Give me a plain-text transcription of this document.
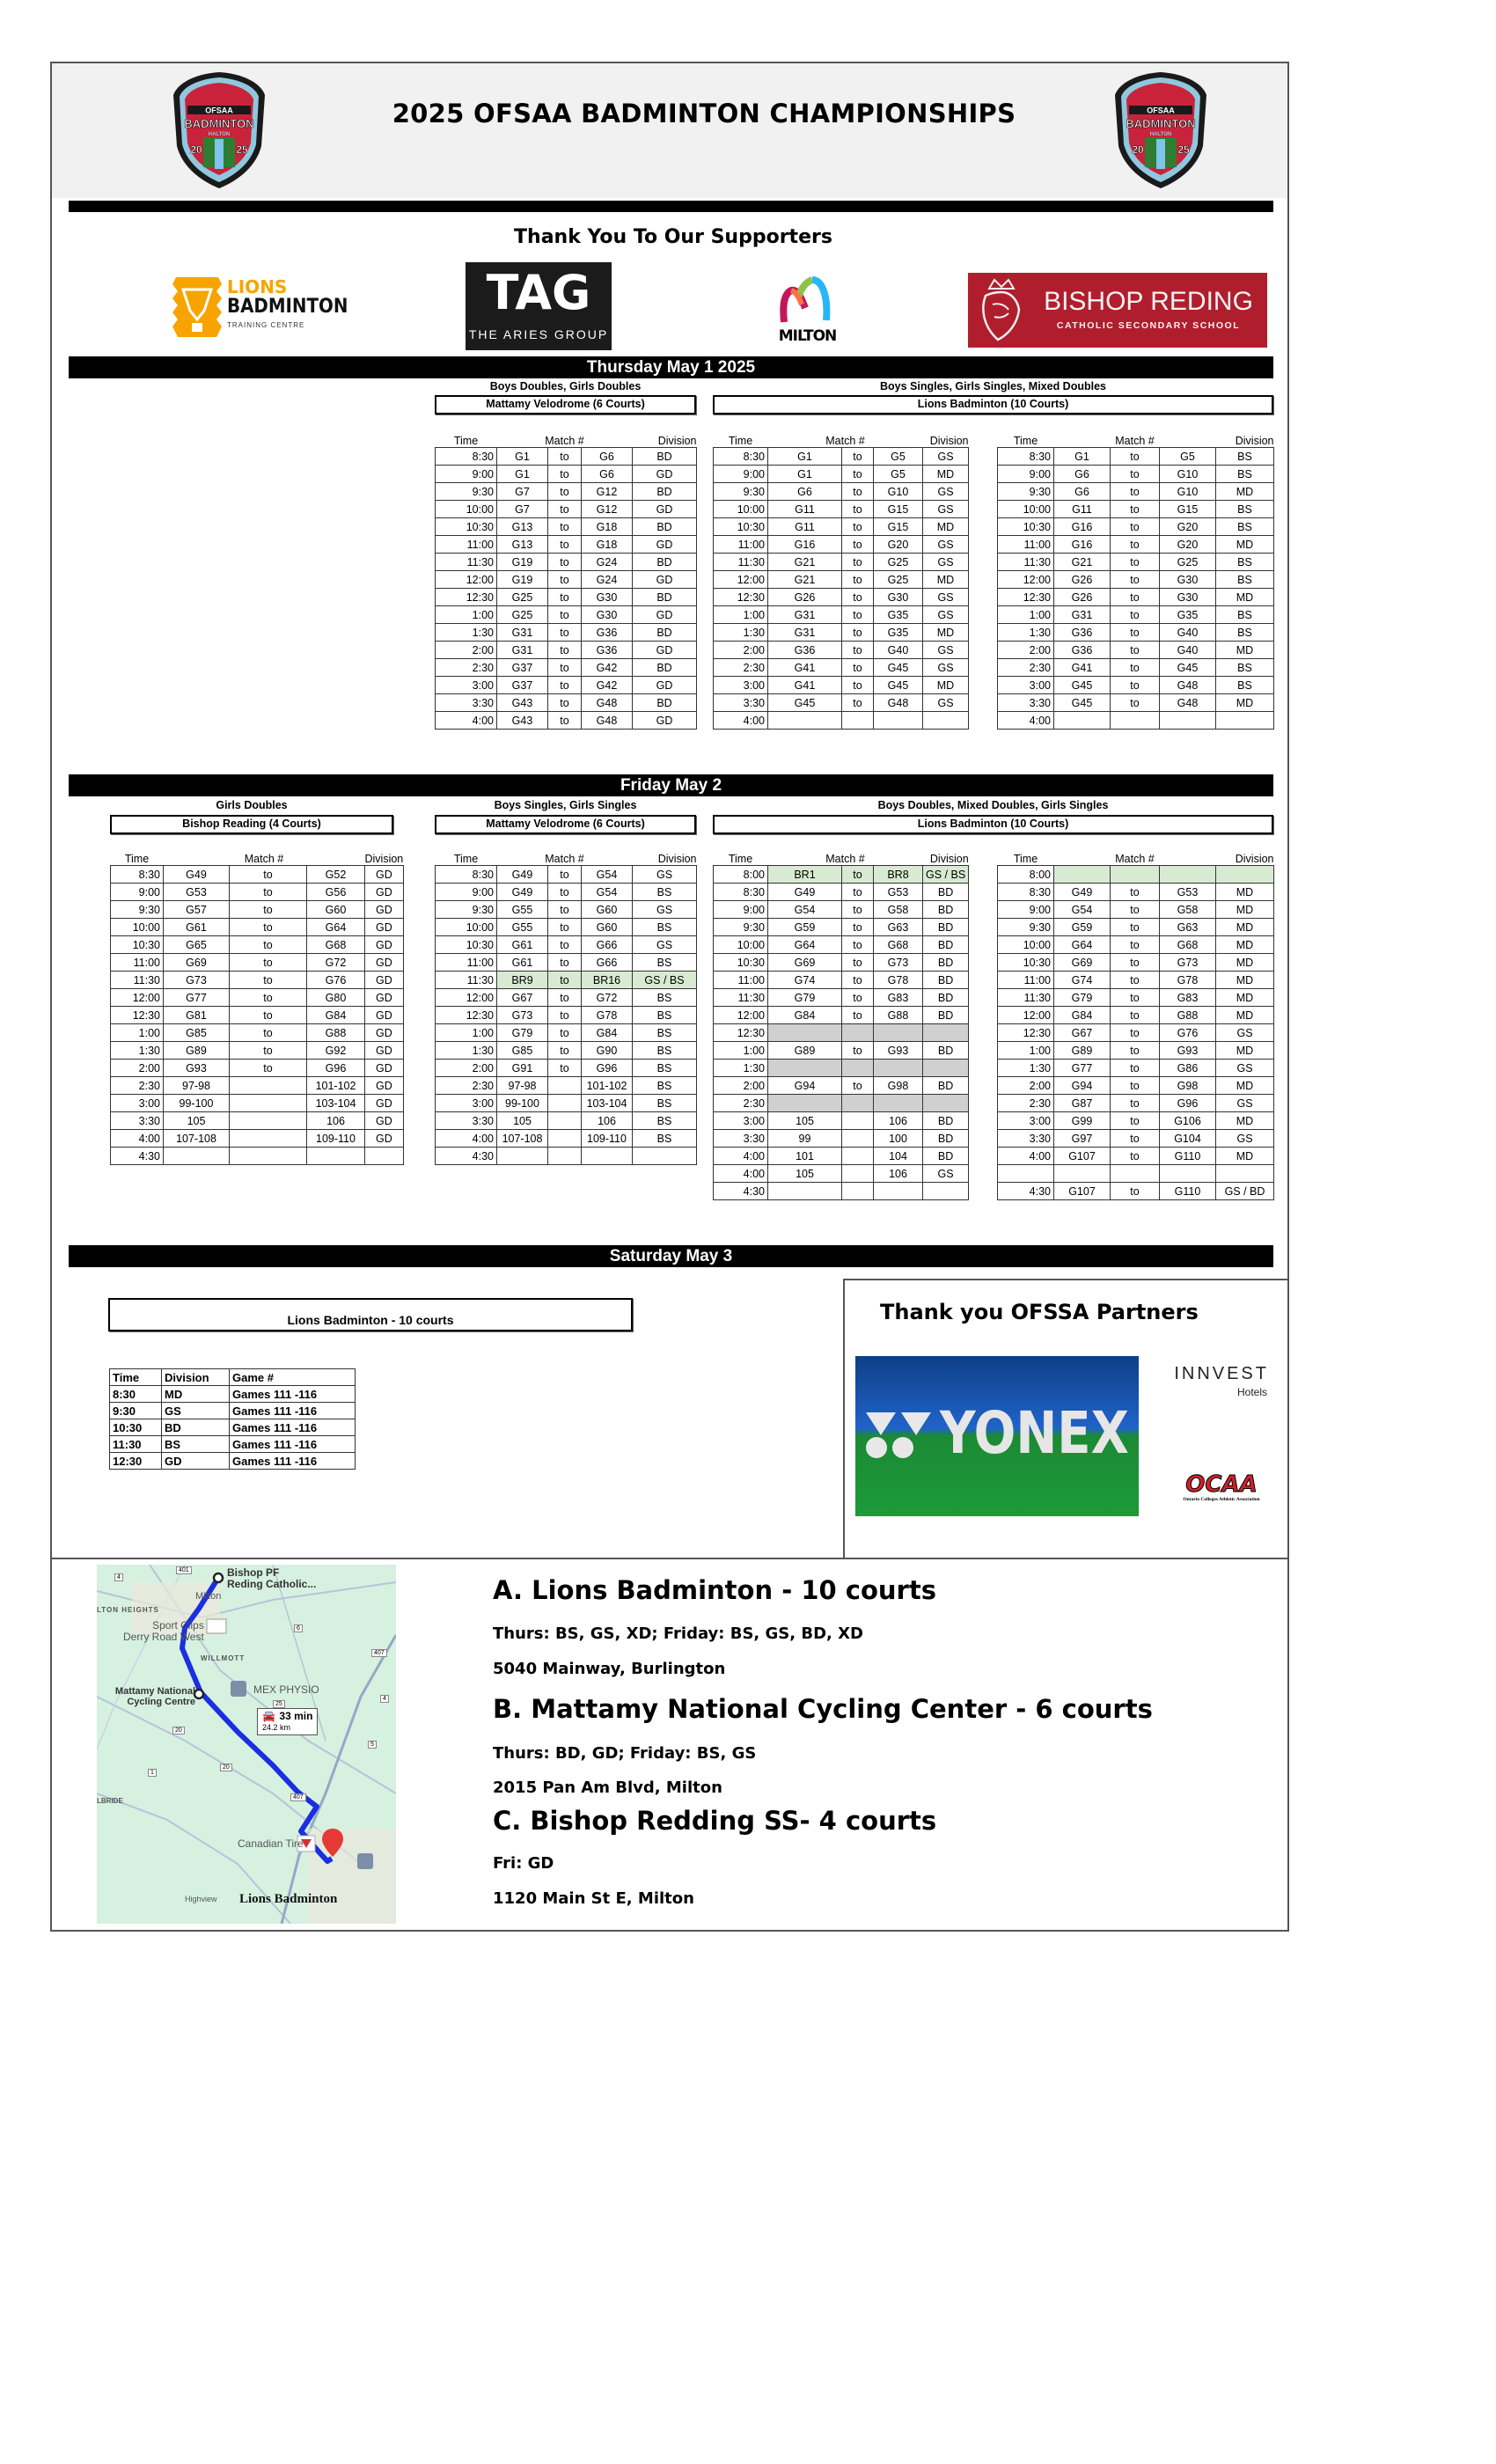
OFSAA
BADMINTON
HALTON
20	25
OFSAA
BADMINTON
HALTON
20	25
2025 OFSAA BADMINTON CHAMPIONSHIPS
Thank You To Our Supporters
LIONS
BADMINTON
TRAINING CENTRE
TAG
THE ARIES GROUP	MILTON
BISHOP REDING
CATHOLIC SECONDARY SCHOOL
Thursday May 1 2025
Boys Doubles, Girls Doubles
Mattamy Velodrome (6 Courts)
Boys Singles, Girls Singles, Mixed Doubles
Lions Badminton (10 Courts)
Time	Match #			Division
8:30	G1	to	G6	BD
9:00	G1	to	G6	GD
9:30	G7	to	G12	BD
10:00	G7	to	G12	GD
10:30	G13	to	G18	BD
11:00	G13	to	G18	GD
11:30	G19	to	G24	BD
12:00	G19	to	G24	GD
12:30	G25	to	G30	BD
1:00	G25	to	G30	GD
1:30	G31	to	G36	BD
2:00	G31	to	G36	GD
2:30	G37	to	G42	BD
3:00	G37	to	G42	GD
3:30	G43	to	G48	BD
4:00	G43	to	G48	GD
Time	Match #			Division
8:30	G1	to	G5	GS
9:00	G1	to	G5	MD
9:30	G6	to	G10	GS
10:00	G11	to	G15	GS
10:30	G11	to	G15	MD
11:00	G16	to	G20	GS
11:30	G21	to	G25	GS
12:00	G21	to	G25	MD
12:30	G26	to	G30	GS
1:00	G31	to	G35	GS
1:30	G31	to	G35	MD
2:00	G36	to	G40	GS
2:30	G41	to	G45	GS
3:00	G41	to	G45	MD
3:30	G45	to	G48	GS
4:00				
Time	Match #			Division
8:30	G1	to	G5	BS
9:00	G6	to	G10	BS
9:30	G6	to	G10	MD
10:00	G11	to	G15	BS
10:30	G16	to	G20	BS
11:00	G16	to	G20	MD
11:30	G21	to	G25	BS
12:00	G26	to	G30	BS
12:30	G26	to	G30	MD
1:00	G31	to	G35	BS
1:30	G36	to	G40	BS
2:00	G36	to	G40	MD
2:30	G41	to	G45	BS
3:00	G45	to	G48	BS
3:30	G45	to	G48	MD
4:00				
Friday May 2
Girls Doubles
Bishop Reading (4 Courts)
Boys Singles, Girls Singles
Mattamy Velodrome (6 Courts)
Boys Doubles, Mixed Doubles, Girls Singles
Lions Badminton (10 Courts)
Time	Match #			Division
8:30	G49	to	G52	GD
9:00	G53	to	G56	GD
9:30	G57	to	G60	GD
10:00	G61	to	G64	GD
10:30	G65	to	G68	GD
11:00	G69	to	G72	GD
11:30	G73	to	G76	GD
12:00	G77	to	G80	GD
12:30	G81	to	G84	GD
1:00	G85	to	G88	GD
1:30	G89	to	G92	GD
2:00	G93	to	G96	GD
2:30	97-98		101-102	GD
3:00	99-100		103-104	GD
3:30	105		106	GD
4:00	107-108		109-110	GD
4:30				
Time	Match #			Division
8:30	G49	to	G54	GS
9:00	G49	to	G54	BS
9:30	G55	to	G60	GS
10:00	G55	to	G60	BS
10:30	G61	to	G66	GS
11:00	G61	to	G66	BS
11:30	BR9	to	BR16	GS / BS
12:00	G67	to	G72	BS
12:30	G73	to	G78	BS
1:00	G79	to	G84	BS
1:30	G85	to	G90	BS
2:00	G91	to	G96	BS
2:30	97-98		101-102	BS
3:00	99-100		103-104	BS
3:30	105		106	BS
4:00	107-108		109-110	BS
4:30				
Time	Match #			Division
8:00	BR1	to	BR8	GS / BS
8:30	G49	to	G53	BD
9:00	G54	to	G58	BD
9:30	G59	to	G63	BD
10:00	G64	to	G68	BD
10:30	G69	to	G73	BD
11:00	G74	to	G78	BD
11:30	G79	to	G83	BD
12:00	G84	to	G88	BD
12:30				
1:00	G89	to	G93	BD
1:30				
2:00	G94	to	G98	BD
2:30				
3:00	105		106	BD
3:30	99		100	BD
4:00	101		104	BD
4:00	105		106	GS
4:30				
Time	Match #			Division
8:00				
8:30	G49	to	G53	MD
9:00	G54	to	G58	MD
9:30	G59	to	G63	MD
10:00	G64	to	G68	MD
10:30	G69	to	G73	MD
11:00	G74	to	G78	MD
11:30	G79	to	G83	MD
12:00	G84	to	G88	MD
12:30	G67	to	G76	GS
1:00	G89	to	G93	MD
1:30	G77	to	G86	GS
2:00	G94	to	G98	MD
2:30	G87	to	G96	GS
3:00	G99	to	G106	MD
3:30	G97	to	G104	GS
4:00	G107	to	G110	MD

4:30	G107	to	G110	GS / BD
Saturday May 3
Lions Badminton - 10 courts
Time	Division	Game #
8:30	MD	Games 111 -116
9:30	GS	Games 111 -116
10:30	BD	Games 111 -116
11:30	BS	Games 111 -116
12:30	GD	Games 111 -116
Thank you OFSSA Partners
YONEX
INNVEST
Hotels
OCAA
Ontario Colleges Athletic Association
Bishop PF
Reding Catholic...
LTON HEIGHTS
Milton
Sport Clips
Derry Road West
WILLMOTT
MEX PHYSIO
Mattamy National
Cycling Centre
🚘 33 min
24.2 km
LBRIDE
Canadian Tire
Highview Lions Badminton
401
4
6
407
25
4
20
20
1
5
407
A. Lions Badminton - 10 courts
Thurs: BS, GS, XD; Friday: BS, GS, BD, XD
5040 Mainway, Burlington
B. Mattamy National Cycling Center - 6 courts
Thurs: BD, GD; Friday: BS, GS
2015 Pan Am Blvd, Milton
C. Bishop Redding SS- 4 courts
Fri: GD
1120 Main St E, Milton
